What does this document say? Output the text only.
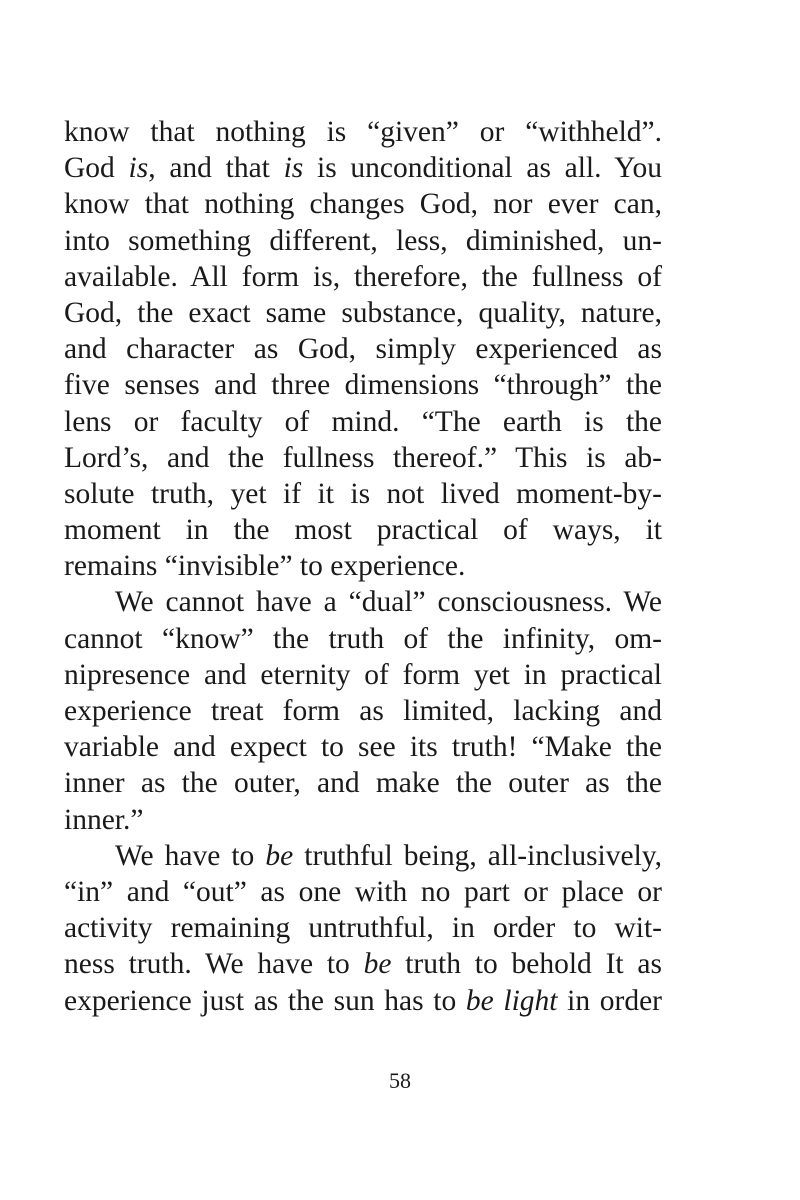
know that nothing is “given” or “withheld”.
God is, and that is is unconditional as all. You
know that nothing changes God, nor ever can,
into something different, less, diminished, un-
available. All form is, therefore, the fullness of
God, the exact same substance, quality, nature,
and character as God, simply experienced as
five senses and three dimensions “through” the
lens or faculty of mind. “The earth is the
Lord’s, and the fullness thereof.” This is ab-
solute truth, yet if it is not lived moment-by-
moment in the most practical of ways, it
remains “invisible” to experience.
We cannot have a “dual” consciousness. We
cannot “know” the truth of the infinity, om-
nipresence and eternity of form yet in practical
experience treat form as limited, lacking and
variable and expect to see its truth! “Make the
inner as the outer, and make the outer as the
inner.”
We have to be truthful being, all-inclusively,
“in” and “out” as one with no part or place or
activity remaining untruthful, in order to wit-
ness truth. We have to be truth to behold It as
experience just as the sun has to be light in order
58
